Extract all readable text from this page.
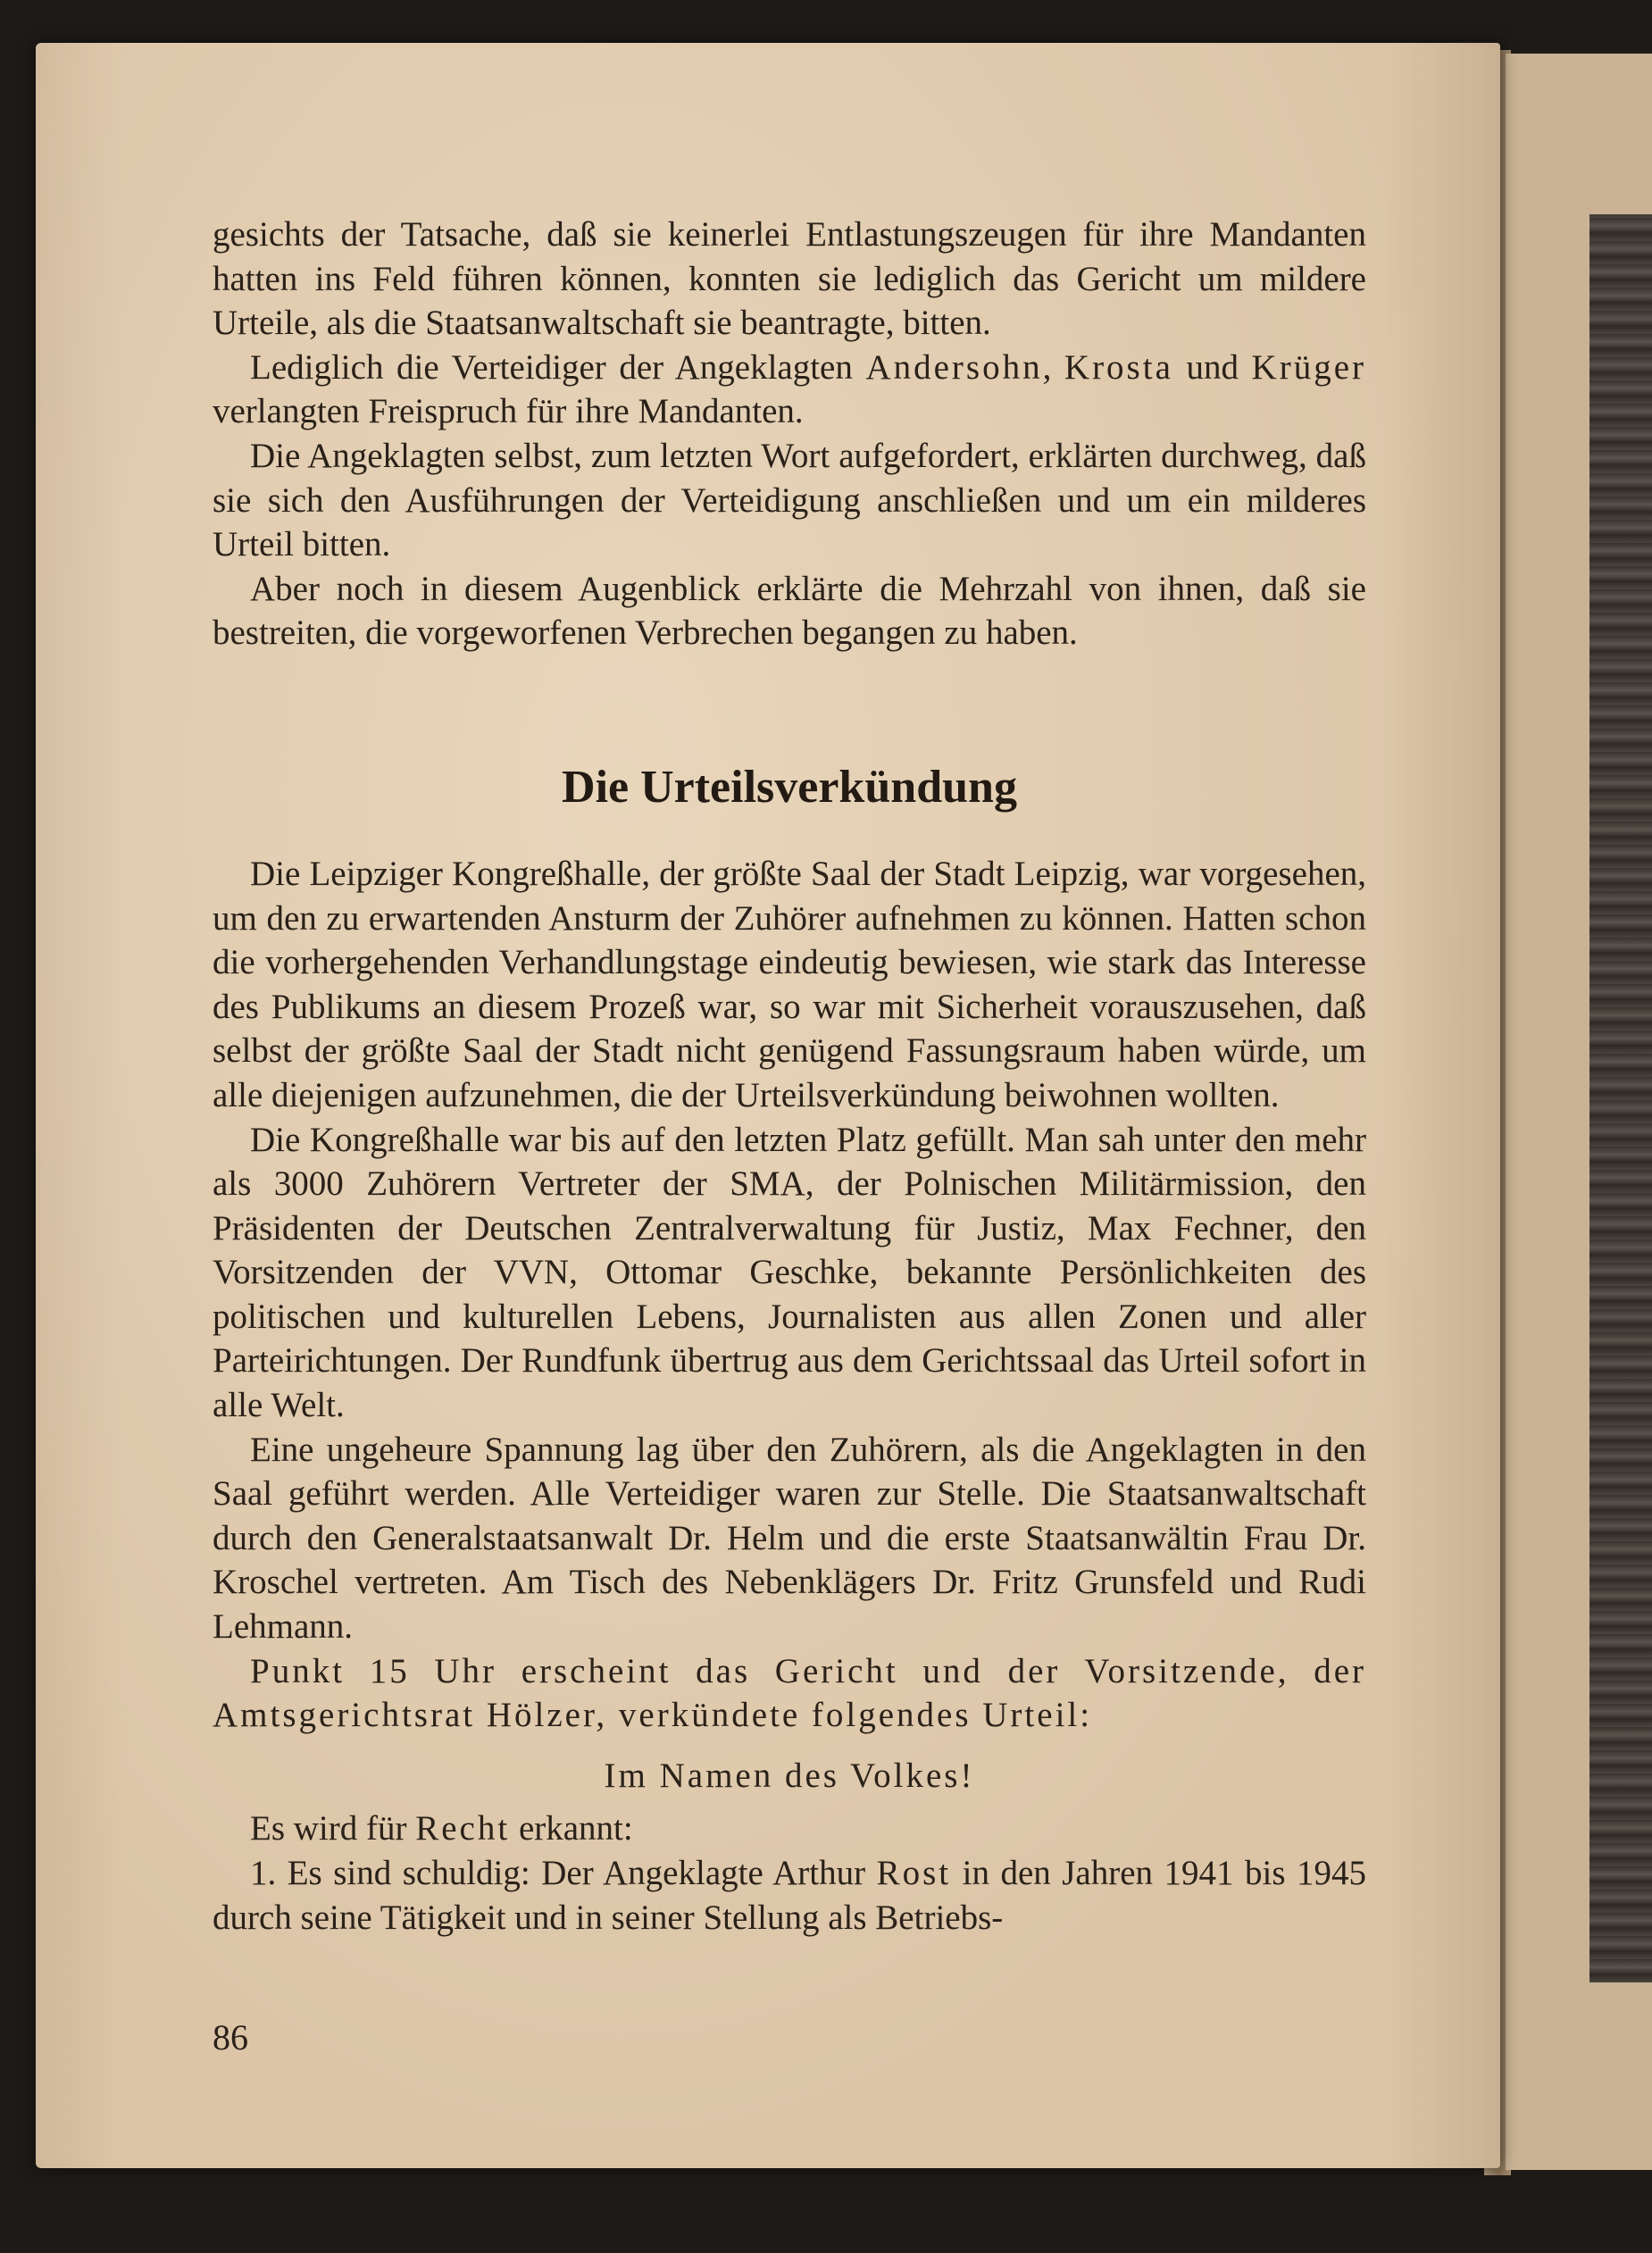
gesichts der Tatsache, daß sie keinerlei Entlastungszeugen für ihre Mandanten hatten ins Feld führen können, konnten sie lediglich das Gericht um mildere Urteile, als die Staatsanwaltschaft sie beantragte, bitten.

Lediglich die Verteidiger der Angeklagten Andersohn, Krosta und Krüger verlangten Freispruch für ihre Mandanten.

Die Angeklagten selbst, zum letzten Wort aufgefordert, erklärten durchweg, daß sie sich den Ausführungen der Verteidigung anschließen und um ein milderes Urteil bitten.

Aber noch in diesem Augenblick erklärte die Mehrzahl von ihnen, daß sie bestreiten, die vorgeworfenen Verbrechen begangen zu haben.

Die Urteilsverkündung

Die Leipziger Kongreßhalle, der größte Saal der Stadt Leipzig, war vorgesehen, um den zu erwartenden Ansturm der Zuhörer aufnehmen zu können. Hatten schon die vorhergehenden Verhandlungstage eindeutig bewiesen, wie stark das Interesse des Publikums an diesem Prozeß war, so war mit Sicherheit vorauszusehen, daß selbst der größte Saal der Stadt nicht genügend Fassungsraum haben würde, um alle diejenigen aufzunehmen, die der Urteilsverkündung beiwohnen wollten.

Die Kongreßhalle war bis auf den letzten Platz gefüllt. Man sah unter den mehr als 3000 Zuhörern Vertreter der SMA, der Polnischen Militärmission, den Präsidenten der Deutschen Zentralverwaltung für Justiz, Max Fechner, den Vorsitzenden der VVN, Ottomar Geschke, bekannte Persönlichkeiten des politischen und kulturellen Lebens, Journalisten aus allen Zonen und aller Parteirichtungen. Der Rundfunk übertrug aus dem Gerichtssaal das Urteil sofort in alle Welt.

Eine ungeheure Spannung lag über den Zuhörern, als die Angeklagten in den Saal geführt werden. Alle Verteidiger waren zur Stelle. Die Staatsanwaltschaft durch den Generalstaatsanwalt Dr. Helm und die erste Staatsanwältin Frau Dr. Kroschel vertreten. Am Tisch des Nebenklägers Dr. Fritz Grunsfeld und Rudi Lehmann.

Punkt 15 Uhr erscheint das Gericht und der Vorsitzende, der Amtsgerichtsrat Hölzer, verkündete folgendes Urteil:

Im Namen des Volkes!

Es wird für Recht erkannt:

1. Es sind schuldig: Der Angeklagte Arthur Rost in den Jahren 1941 bis 1945 durch seine Tätigkeit und in seiner Stellung als Betriebs-

86
